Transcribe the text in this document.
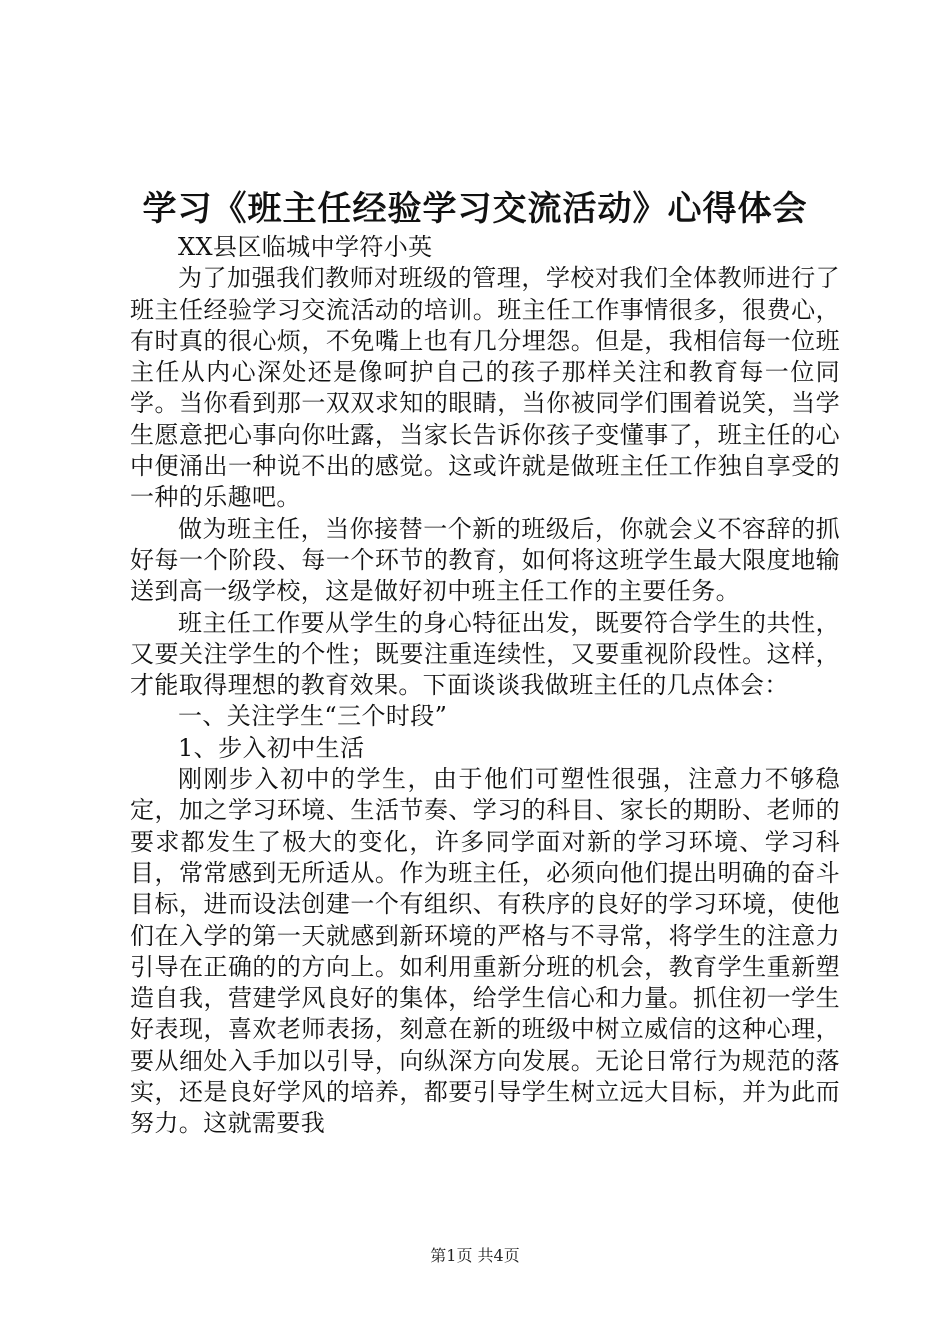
学习《班主任经验学习交流活动》心得体会

XX县区临城中学符小英

为了加强我们教师对班级的管理，学校对我们全体教师进行了班主任经验学习交流活动的培训。班主任工作事情很多，很费心，有时真的很心烦，不免嘴上也有几分埋怨。但是，我相信每一位班主任从内心深处还是像呵护自己的孩子那样关注和教育每一位同学。当你看到那一双双求知的眼睛，当你被同学们围着说笑，当学生愿意把心事向你吐露，当家长告诉你孩子变懂事了，班主任的心中便涌出一种说不出的感觉。这或许就是做班主任工作独自享受的一种的乐趣吧。

做为班主任，当你接替一个新的班级后，你就会义不容辞的抓好每一个阶段、每一个环节的教育，如何将这班学生最大限度地输送到高一级学校，这是做好初中班主任工作的主要任务。

班主任工作要从学生的身心特征出发，既要符合学生的共性，又要关注学生的个性；既要注重连续性，又要重视阶段性。这样，才能取得理想的教育效果。下面谈谈我做班主任的几点体会：

一、关注学生“三个时段”

1、步入初中生活

刚刚步入初中的学生，由于他们可塑性很强，注意力不够稳定，加之学习环境、生活节奏、学习的科目、家长的期盼、老师的要求都发生了极大的变化，许多同学面对新的学习环境、学习科目，常常感到无所适从。作为班主任，必须向他们提出明确的奋斗目标，进而设法创建一个有组织、有秩序的良好的学习环境，使他们在入学的第一天就感到新环境的严格与不寻常，将学生的注意力引导在正确的的方向上。如利用重新分班的机会，教育学生重新塑造自我，营建学风良好的集体，给学生信心和力量。抓住初一学生好表现，喜欢老师表扬，刻意在新的班级中树立威信的这种心理，要从细处入手加以引导，向纵深方向发展。无论日常行为规范的落实，还是良好学风的培养，都要引导学生树立远大目标，并为此而努力。这就需要我

第1页 共4页
